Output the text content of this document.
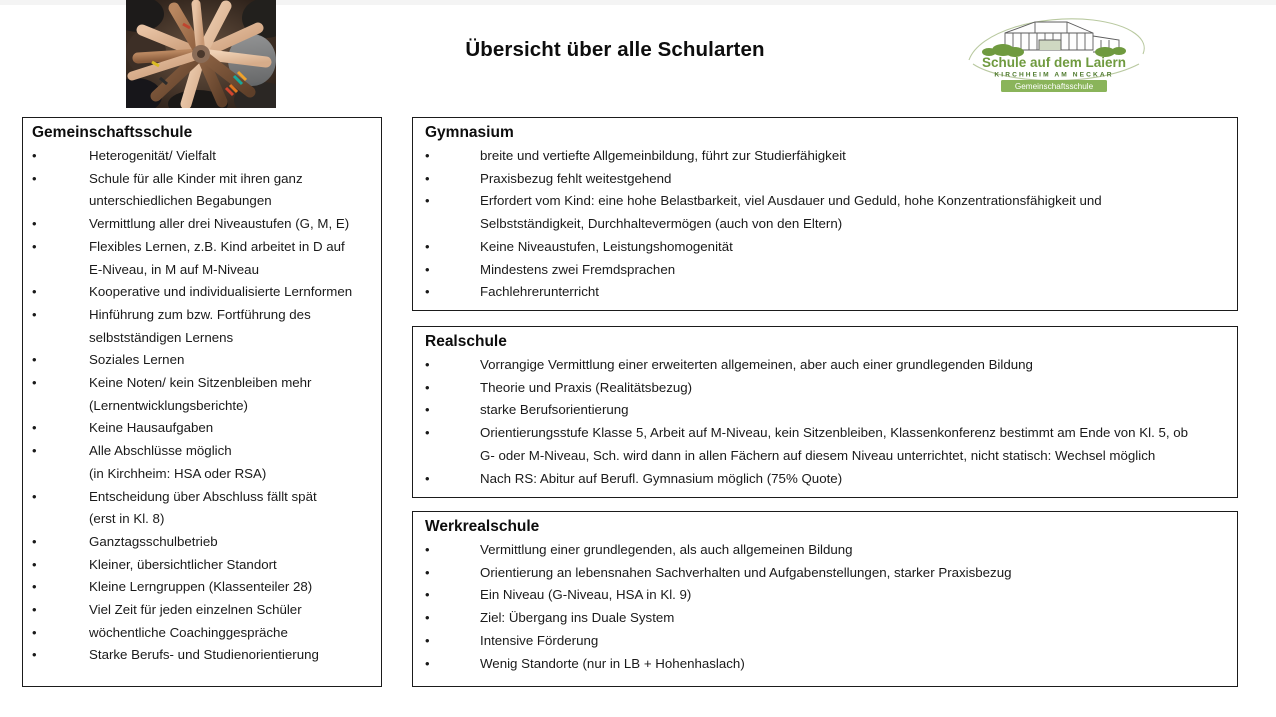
Übersicht über alle Schularten
Schule auf dem Laiern
KIRCHHEIM AM NECKAR
Gemeinschaftsschule
Gemeinschaftsschule
•	Heterogenität/ Vielfalt
•	Schule für alle Kinder mit ihren ganz
unterschiedlichen Begabungen
•	Vermittlung aller drei Niveaustufen (G, M, E)
•	Flexibles Lernen, z.B. Kind arbeitet in D auf
E-Niveau, in M auf M-Niveau
•	Kooperative und individualisierte Lernformen
•	Hinführung zum bzw. Fortführung des
selbstständigen Lernens
•	Soziales Lernen
•	Keine Noten/ kein Sitzenbleiben mehr
(Lernentwicklungsberichte)
•	Keine Hausaufgaben
•	Alle Abschlüsse möglich
(in Kirchheim: HSA oder RSA)
•	Entscheidung über Abschluss fällt spät
(erst in Kl. 8)
•	Ganztagsschulbetrieb
•	Kleiner, übersichtlicher Standort
•	Kleine Lerngruppen (Klassenteiler 28)
•	Viel Zeit für jeden einzelnen Schüler
•	wöchentliche Coachinggespräche
•	Starke Berufs- und Studienorientierung
Gymnasium
•	breite und vertiefte Allgemeinbildung, führt zur Studierfähigkeit
•	Praxisbezug fehlt weitestgehend
•	Erfordert vom Kind: eine hohe Belastbarkeit, viel Ausdauer und Geduld, hohe Konzentrationsfähigkeit und
Selbstständigkeit, Durchhaltevermögen (auch von den Eltern)
•	Keine Niveaustufen, Leistungshomogenität
•	Mindestens zwei Fremdsprachen
•	Fachlehrerunterricht
Realschule
•	Vorrangige Vermittlung einer erweiterten allgemeinen, aber auch einer grundlegenden Bildung
•	Theorie und Praxis (Realitätsbezug)
•	starke Berufsorientierung
•	Orientierungsstufe Klasse 5, Arbeit auf M-Niveau, kein Sitzenbleiben, Klassenkonferenz bestimmt am Ende von Kl. 5, ob
G- oder M-Niveau, Sch. wird dann in allen Fächern auf diesem Niveau unterrichtet, nicht statisch: Wechsel möglich
•	Nach RS: Abitur auf Berufl. Gymnasium möglich (75% Quote)
Werkrealschule
•	Vermittlung einer grundlegenden, als auch allgemeinen Bildung
•	Orientierung an lebensnahen Sachverhalten und Aufgabenstellungen, starker Praxisbezug
•	Ein Niveau (G-Niveau, HSA in Kl. 9)
•	Ziel: Übergang ins Duale System
•	Intensive Förderung
•	Wenig Standorte (nur in LB + Hohenhaslach)
